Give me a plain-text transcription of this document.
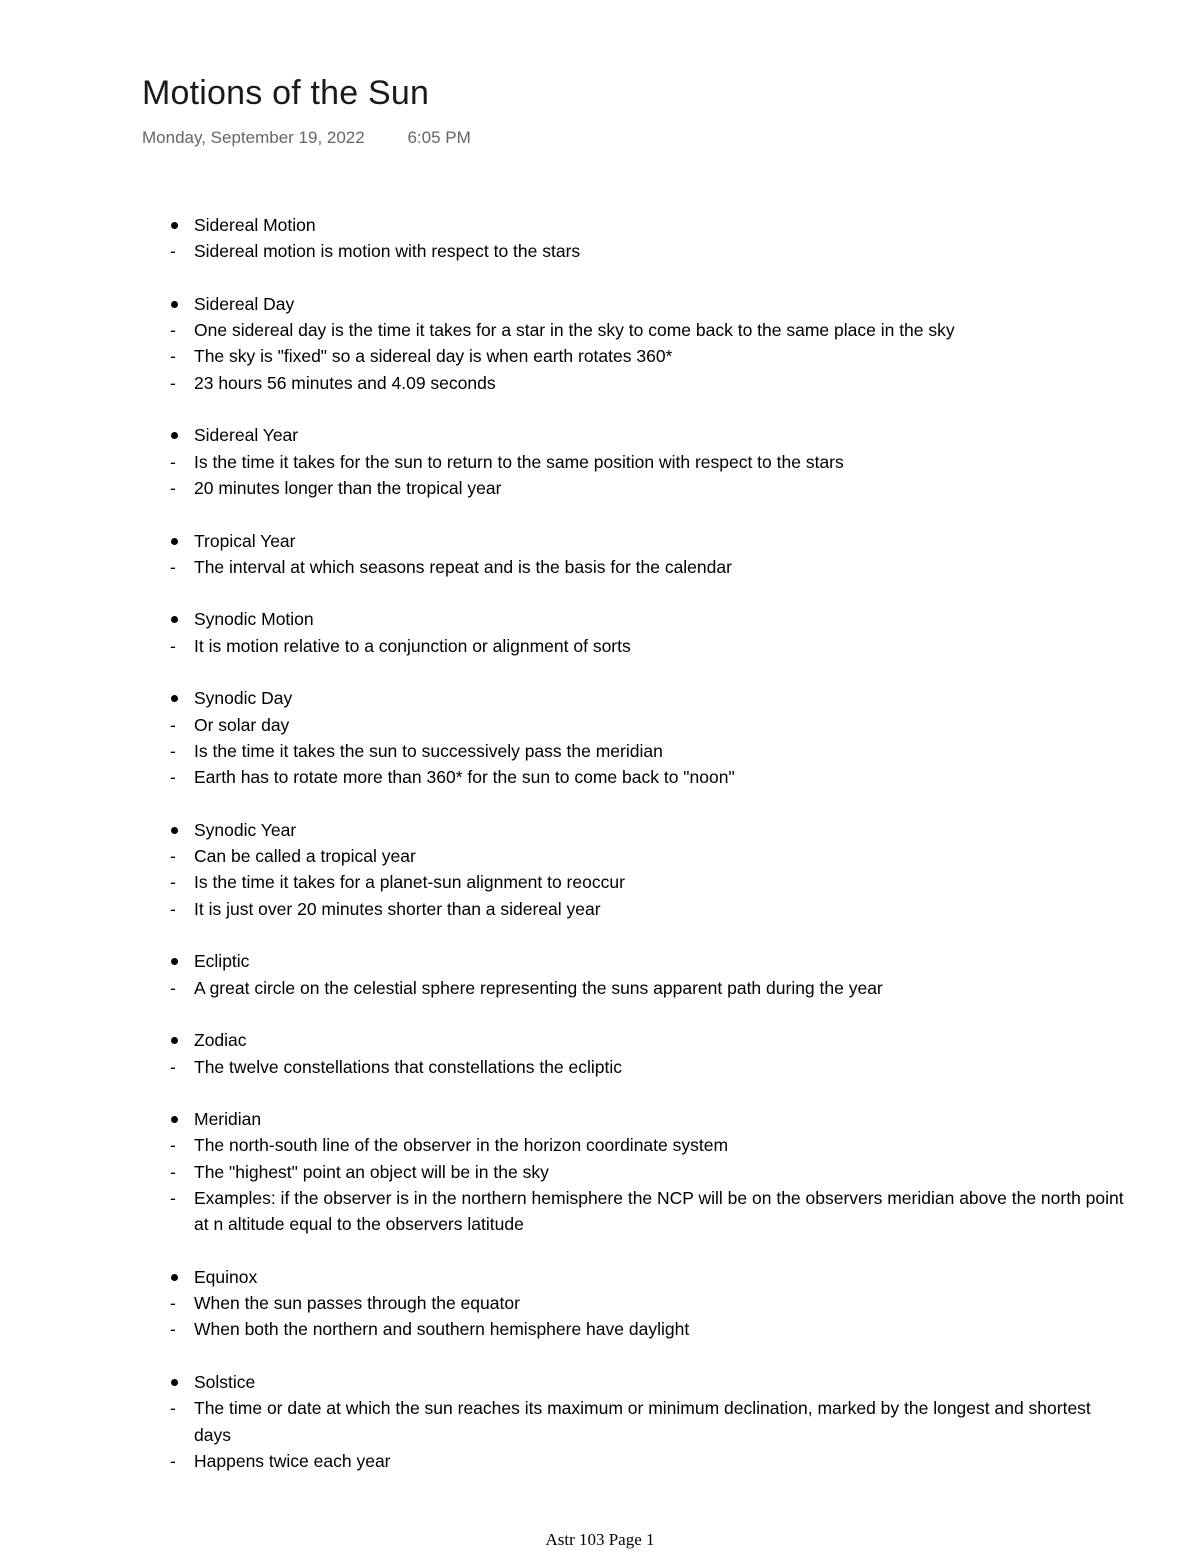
Motions of the Sun
Monday, September 19, 2022	6:05 PM
Sidereal Motion
- Sidereal motion is motion with respect to the stars
Sidereal Day
- One sidereal day is the time it takes for a star in the sky to come back to the same place in the sky
- The sky is "fixed" so a sidereal day is when earth rotates 360*
- 23 hours 56 minutes and 4.09 seconds
Sidereal Year
- Is the time it takes for the sun to return to the same position with respect to the stars
- 20 minutes longer than the tropical year
Tropical Year
- The interval at which seasons repeat and is the basis for the calendar
Synodic Motion
- It is motion relative to a conjunction or alignment of sorts
Synodic Day
- Or solar day
- Is the time it takes the sun to successively pass the meridian
- Earth has to rotate more than 360* for the sun to come back to "noon"
Synodic Year
- Can be called a tropical year
- Is the time it takes for a planet-sun alignment to reoccur
- It is just over 20 minutes shorter than a sidereal year
Ecliptic
- A great circle on the celestial sphere representing the suns apparent path during the year
Zodiac
- The twelve constellations that constellations the ecliptic
Meridian
- The north-south line of the observer in the horizon coordinate system
- The "highest" point an object will be in the sky
- Examples: if the observer is in the northern hemisphere the NCP will be on the observers meridian above the north point at n altitude equal to the observers latitude
Equinox
- When the sun passes through the equator
- When both the northern and southern hemisphere have daylight
Solstice
- The time or date at which the sun reaches its maximum or minimum declination, marked by the longest and shortest days
- Happens twice each year
Astr 103 Page 1
